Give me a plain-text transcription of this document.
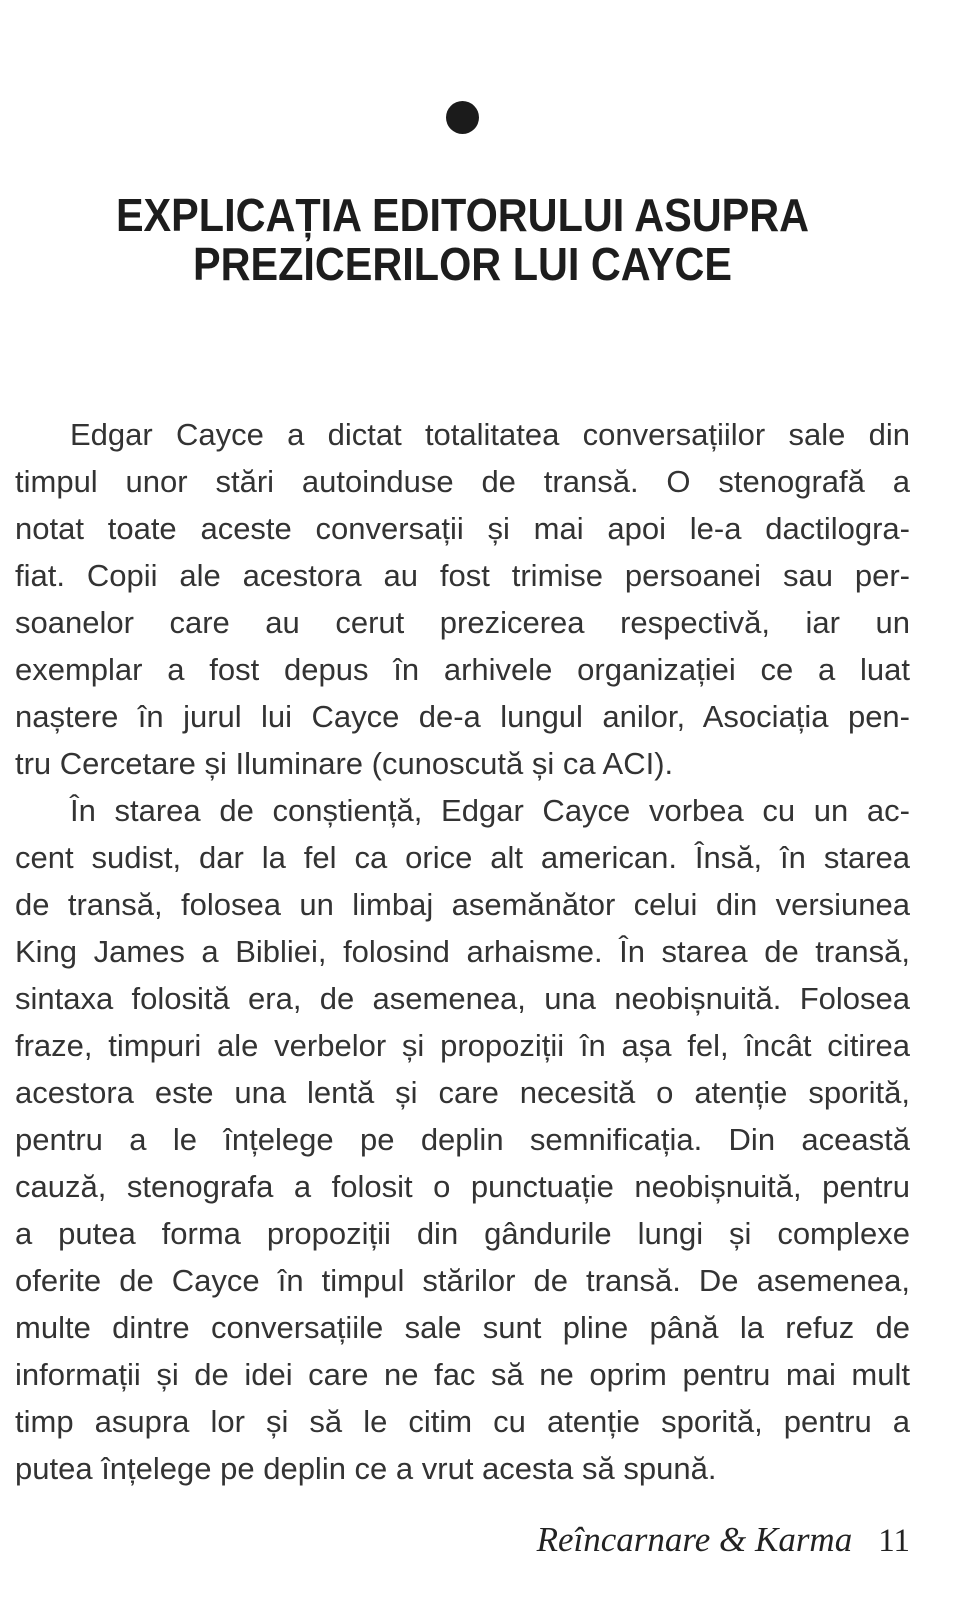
EXPLICAȚIA EDITORULUI ASUPRA
PREZICERILOR LUI CAYCE
Edgar Cayce a dictat totalitatea conversațiilor sale din
timpul unor stări autoinduse de transă. O stenografă a
notat toate aceste conversații și mai apoi le-a dactilogra-
fiat. Copii ale acestora au fost trimise persoanei sau per-
soanelor care au cerut prezicerea respectivă, iar un
exemplar a fost depus în arhivele organizației ce a luat
naștere în jurul lui Cayce de-a lungul anilor, Asociația pen-
tru Cercetare și Iluminare (cunoscută și ca ACI).
În starea de conștiență, Edgar Cayce vorbea cu un ac-
cent sudist, dar la fel ca orice alt american. Însă, în starea
de transă, folosea un limbaj asemănător celui din versiunea
King James a Bibliei, folosind arhaisme. În starea de transă,
sintaxa folosită era, de asemenea, una neobișnuită. Folosea
fraze, timpuri ale verbelor și propoziții în așa fel, încât citirea
acestora este una lentă și care necesită o atenție sporită,
pentru a le înțelege pe deplin semnificația. Din această
cauză, stenografa a folosit o punctuație neobișnuită, pentru
a putea forma propoziții din gândurile lungi și complexe
oferite de Cayce în timpul stărilor de transă. De asemenea,
multe dintre conversațiile sale sunt pline până la refuz de
informații și de idei care ne fac să ne oprim pentru mai mult
timp asupra lor și să le citim cu atenție sporită, pentru a
putea înțelege pe deplin ce a vrut acesta să spună.
Reîncarnare & Karma 11
